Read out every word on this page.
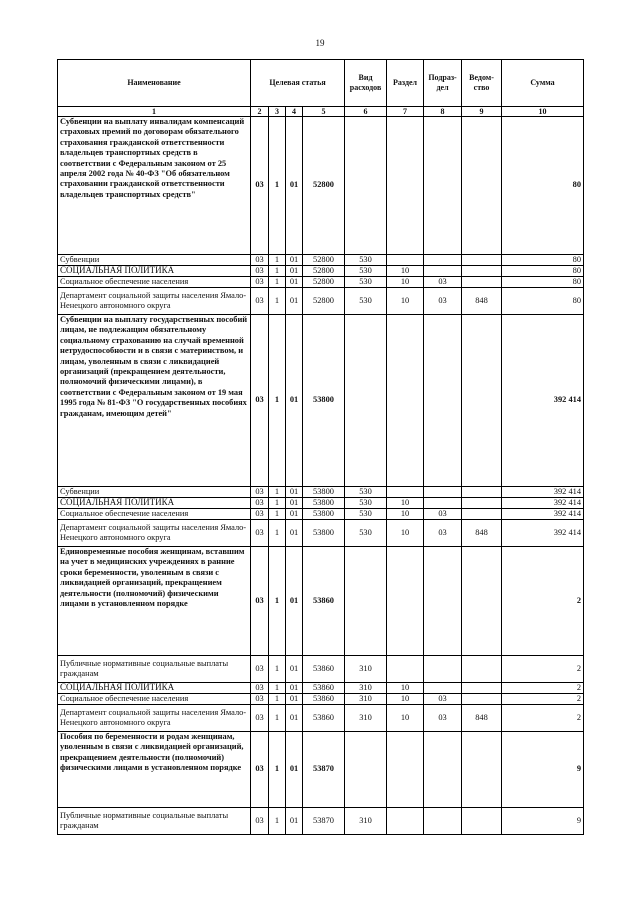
19
Наименование	Целевая статья				Вид расходов	Раздел	Подраз-дел	Ведом-ство	Сумма
1	2	3	4	5	6	7	8	9	10
Субвенции на выплату инвалидам компенсаций страховых премий по договорам обязательного страхования гражданской ответственности владельцев транспортных средств в соответствии с Федеральным законом от 25 апреля 2002 года № 40-ФЗ "Об обязательном страховании гражданской ответственности владельцев транспортных средств"	03	1	01	52800					80
Субвенции	03	1	01	52800	530				80
СОЦИАЛЬНАЯ ПОЛИТИКА	03	1	01	52800	530	10			80
Социальное обеспечение населения	03	1	01	52800	530	10	03		80
Департамент социальной защиты населения Ямало-Ненецкого автономного округа	03	1	01	52800	530	10	03	848	80
Субвенции на выплату государственных пособий лицам, не подлежащим обязательному социальному страхованию на случай временной нетрудоспособности и в связи с материнством, и лицам, уволенным в связи с ликвидацией организаций (прекращением деятельности, полномочий физическими лицами), в соответствии с Федеральным законом от 19 мая 1995 года № 81-ФЗ "О государственных пособиях гражданам, имеющим детей"	03	1	01	53800					392 414
Субвенции	03	1	01	53800	530				392 414
СОЦИАЛЬНАЯ ПОЛИТИКА	03	1	01	53800	530	10			392 414
Социальное обеспечение населения	03	1	01	53800	530	10	03		392 414
Департамент социальной защиты населения Ямало-Ненецкого автономного округа	03	1	01	53800	530	10	03	848	392 414
Единовременные пособия женщинам, вставшим на учет в медицинских учреждениях в ранние сроки беременности, уволенным в связи с ликвидацией организаций, прекращением деятельности (полномочий) физическими лицами в установленном порядке	03	1	01	53860					2
Публичные нормативные социальные выплаты гражданам	03	1	01	53860	310				2
СОЦИАЛЬНАЯ ПОЛИТИКА	03	1	01	53860	310	10			2
Социальное обеспечение населения	03	1	01	53860	310	10	03		2
Департамент социальной защиты населения Ямало-Ненецкого автономного округа	03	1	01	53860	310	10	03	848	2
Пособия по беременности и родам женщинам, уволенным в связи с ликвидацией организаций, прекращением деятельности (полномочий) физическими лицами в установленном порядке	03	1	01	53870					9
Публичные нормативные социальные выплаты гражданам	03	1	01	53870	310				9
